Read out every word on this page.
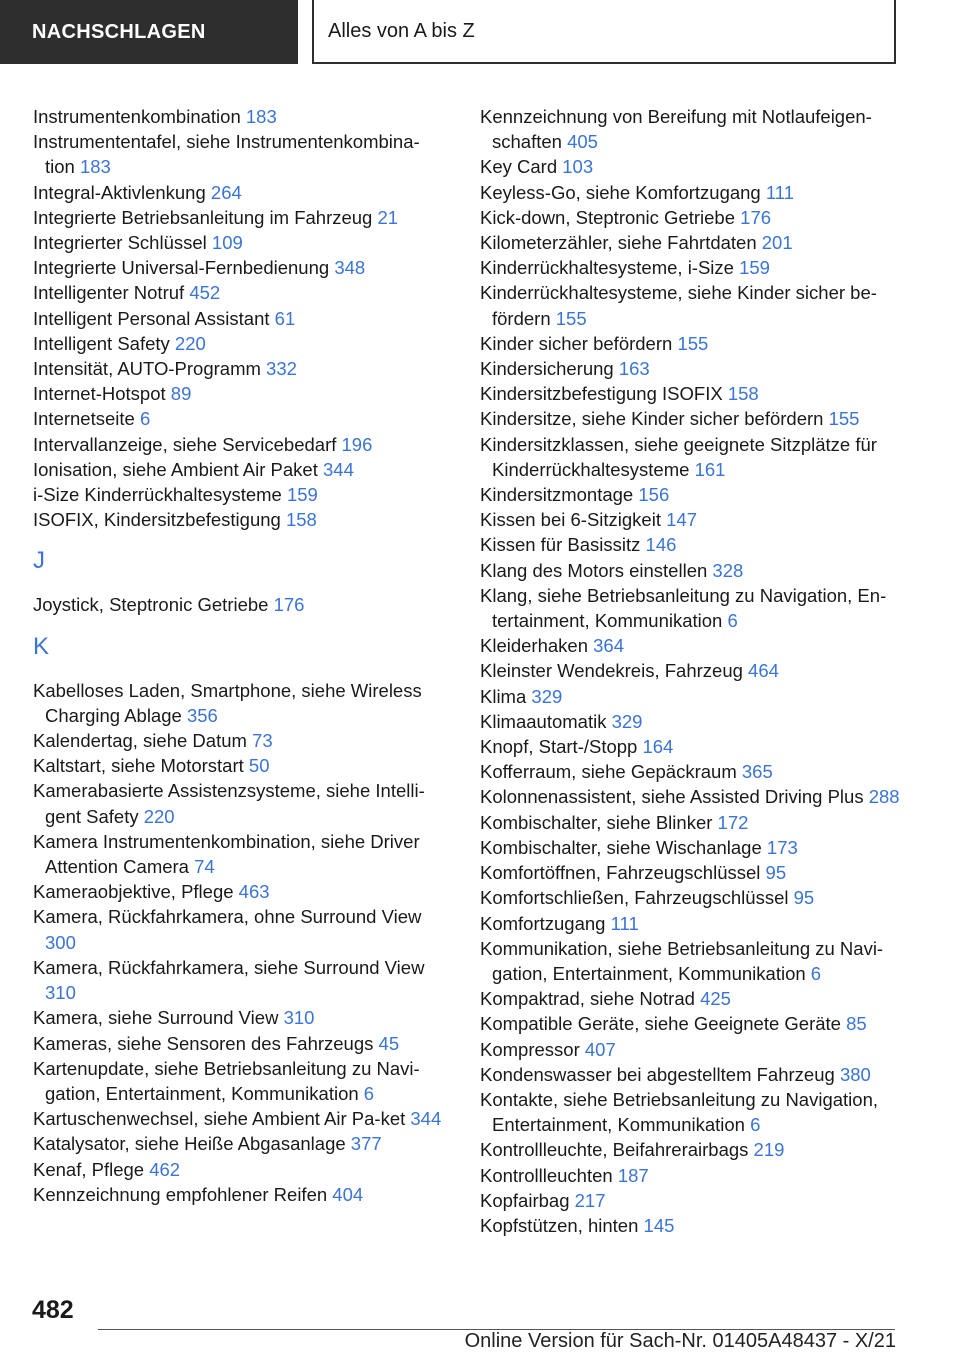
NACHSCHLAGEN	Alles von A bis Z
Instrumentenkombination 183
Instrumententafel, siehe Instrumentenkombina-tion 183
Integral-Aktivlenkung 264
Integrierte Betriebsanleitung im Fahrzeug 21
Integrierter Schlüssel 109
Integrierte Universal-Fernbedienung 348
Intelligenter Notruf 452
Intelligent Personal Assistant 61
Intelligent Safety 220
Intensität, AUTO-Programm 332
Internet-Hotspot 89
Internetseite 6
Intervallanzeige, siehe Servicebedarf 196
Ionisation, siehe Ambient Air Paket 344
i-Size Kinderrückhaltesysteme 159
ISOFIX, Kindersitzbefestigung 158
J
Joystick, Steptronic Getriebe 176
K
Kabelloses Laden, Smartphone, siehe Wireless Charging Ablage 356
Kalendertag, siehe Datum 73
Kaltstart, siehe Motorstart 50
Kamerabasierte Assistenzsysteme, siehe Intelli-gent Safety 220
Kamera Instrumentenkombination, siehe Driver Attention Camera 74
Kameraobjektive, Pflege 463
Kamera, Rückfahrkamera, ohne Surround View 300
Kamera, Rückfahrkamera, siehe Surround View 310
Kamera, siehe Surround View 310
Kameras, siehe Sensoren des Fahrzeugs 45
Kartenupdate, siehe Betriebsanleitung zu Navi-gation, Entertainment, Kommunikation 6
Kartuschenwechsel, siehe Ambient Air Pa-ket 344
Katalysator, siehe Heiße Abgasanlage 377
Kenaf, Pflege 462
Kennzeichnung empfohlener Reifen 404
Kennzeichnung von Bereifung mit Notlaufeigen-schaften 405
Key Card 103
Keyless-Go, siehe Komfortzugang 111
Kick-down, Steptronic Getriebe 176
Kilometerzähler, siehe Fahrtdaten 201
Kinderrückhaltesysteme, i-Size 159
Kinderrückhaltesysteme, siehe Kinder sicher be-fördern 155
Kinder sicher befördern 155
Kindersicherung 163
Kindersitzbefestigung ISOFIX 158
Kindersitze, siehe Kinder sicher befördern 155
Kindersitzklassen, siehe geeignete Sitzplätze für Kinderrückhaltesysteme 161
Kindersitzmontage 156
Kissen bei 6-Sitzigkeit 147
Kissen für Basissitz 146
Klang des Motors einstellen 328
Klang, siehe Betriebsanleitung zu Navigation, En-tertainment, Kommunikation 6
Kleiderhaken 364
Kleinster Wendekreis, Fahrzeug 464
Klima 329
Klimaautomatik 329
Knopf, Start-/Stopp 164
Kofferraum, siehe Gepäckraum 365
Kolonnenassistent, siehe Assisted Driving Plus 288
Kombischalter, siehe Blinker 172
Kombischalter, siehe Wischanlage 173
Komfortöffnen, Fahrzeugschlüssel 95
Komfortschließen, Fahrzeugschlüssel 95
Komfortzugang 111
Kommunikation, siehe Betriebsanleitung zu Navi-gation, Entertainment, Kommunikation 6
Kompaktrad, siehe Notrad 425
Kompatible Geräte, siehe Geeignete Geräte 85
Kompressor 407
Kondenswasser bei abgestelltem Fahrzeug 380
Kontakte, siehe Betriebsanleitung zu Navigation, Entertainment, Kommunikation 6
Kontrollleuchte, Beifahrerairbags 219
Kontrollleuchten 187
Kopfairbag 217
Kopfstützen, hinten 145
482
Online Version für Sach-Nr. 01405A48437 - X/21
